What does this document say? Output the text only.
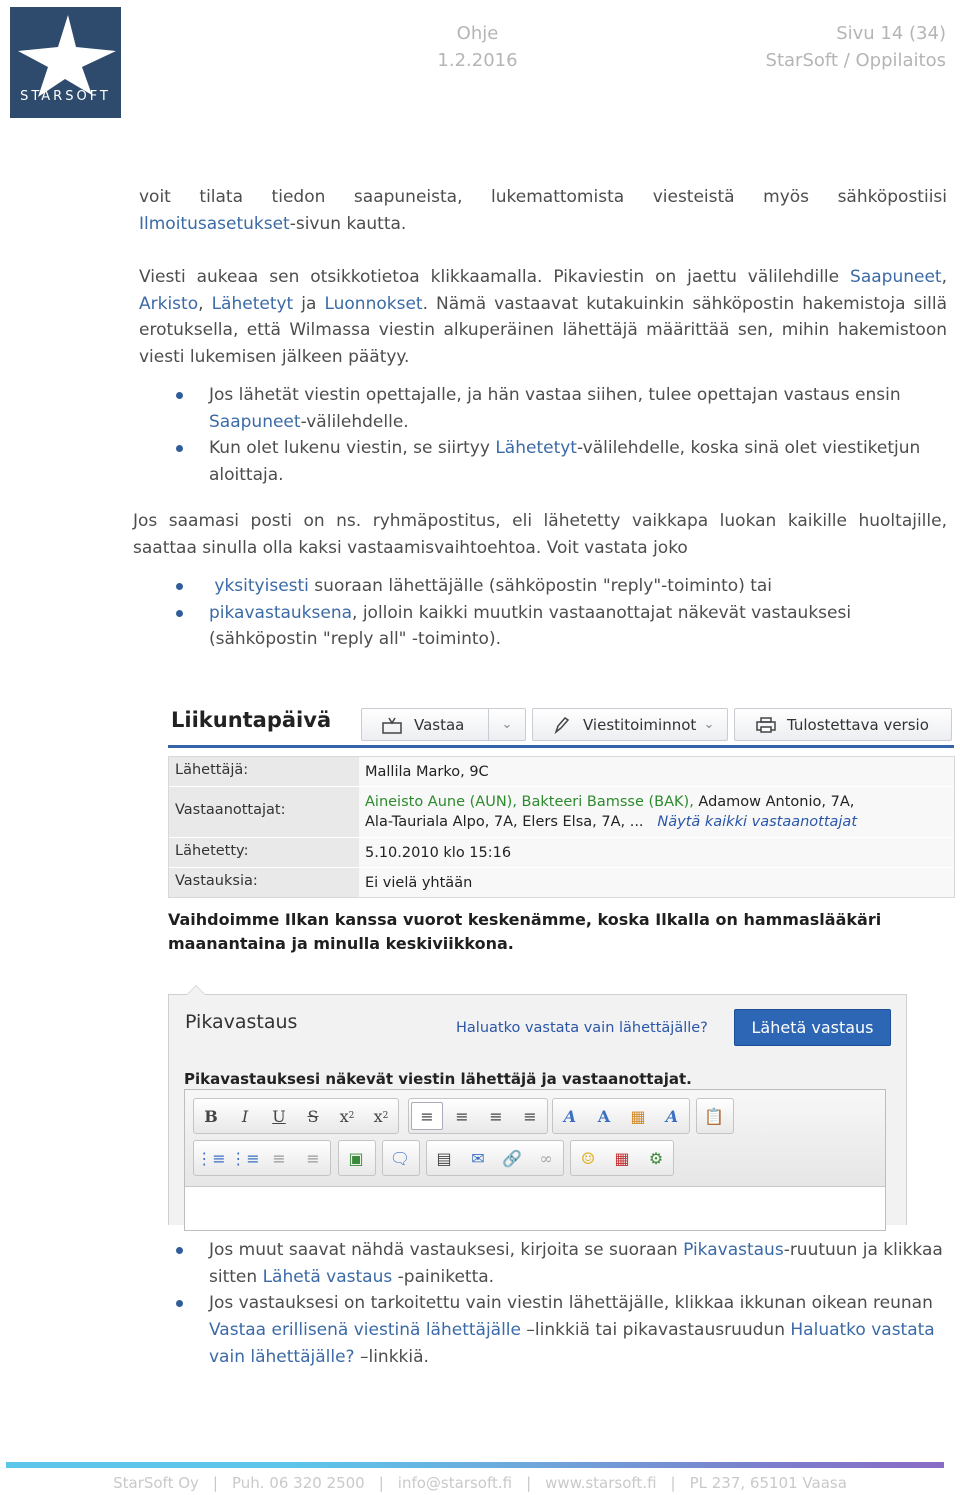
STARSOFT
Ohje
1.2.2016
Sivu 14 (34)
StarSoft / Oppilaitos
voit tilata tiedon saapuneista, lukemattomista viesteistä myös sähköpostiisi
Ilmoitusasetukset-sivun kautta.
Viesti aukeaa sen otsikkotietoa klikkaamalla. Pikaviestin on jaettu välilehdille Saapuneet, Arkisto, Lähetetyt ja Luonnokset. Nämä vastaavat kutakuinkin sähköpostin hakemistoja sillä erotuksella, että Wilmassa viestin alkuperäinen lähettäjä määrittää sen, mihin hakemistoon viesti lukemisen jälkeen päätyy.
Jos lähetät viestin opettajalle, ja hän vastaa siihen, tulee opettajan vastaus ensin Saapuneet-välilehdelle.
Kun olet lukenu viestin, se siirtyy Lähetetyt-välilehdelle, koska sinä olet viestiketjun aloittaja.
Jos saamasi posti on ns. ryhmäpostitus, eli lähetetty vaikkapa luokan kaikille huoltajille, saattaa sinulla olla kaksi vastaamisvaihtoehtoa. Voit vastata joko
yksityisesti suoraan lähettäjälle (sähköpostin "reply"-toiminto) tai
pikavastauksena, jolloin kaikki muutkin vastaanottajat näkevät vastauksesi (sähköpostin "reply all" -toiminto).
Liikuntapäivä	Vastaa	⌄	Viestitoiminnot ⌄	Tulostettava versio
Lähettäjä:	Mallila Marko, 9C
Vastaanottajat:	Aineisto Aune (AUN), Bakteeri Bamsse (BAK), Adamow Antonio, 7A,
Ala-Tauriala Alpo, 7A, Elers Elsa, 7A, ... Näytä kaikki vastaanottajat
Lähetetty:	5.10.2010 klo 15:16
Vastauksia:	Ei vielä yhtään
Vaihdoimme Ilkan kanssa vuorot keskenämme, koska Ilkalla on hammaslääkäri maanantaina ja minulla keskiviikkona.
Pikavastaus	Haluatko vastata vain lähettäjälle?	Lähetä vastaus
Pikavastauksesi näkevät viestin lähettäjä ja vastaanottajat.
B	I	U	S	x 2	x 2	≡	≡	≡	≡	A	A	▦	A	📋
⋮≡ ⋮≡ ≡	≡	▣	🗨	▤	✉	🔗	∞	☺	▦	⚙
Jos muut saavat nähdä vastauksesi, kirjoita se suoraan Pikavastaus-ruutuun ja klikkaa sitten Lähetä vastaus -painiketta.
Jos vastauksesi on tarkoitettu vain viestin lähettäjälle, klikkaa ikkunan oikean reunan Vastaa erillisenä viestinä lähettäjälle –linkkiä tai pikavastausruudun Haluatko vastata vain lähettäjälle? –linkkiä.
StarSoft Oy | Puh. 06 320 2500 | info@starsoft.fi | www.starsoft.fi | PL 237, 65101 Vaasa
